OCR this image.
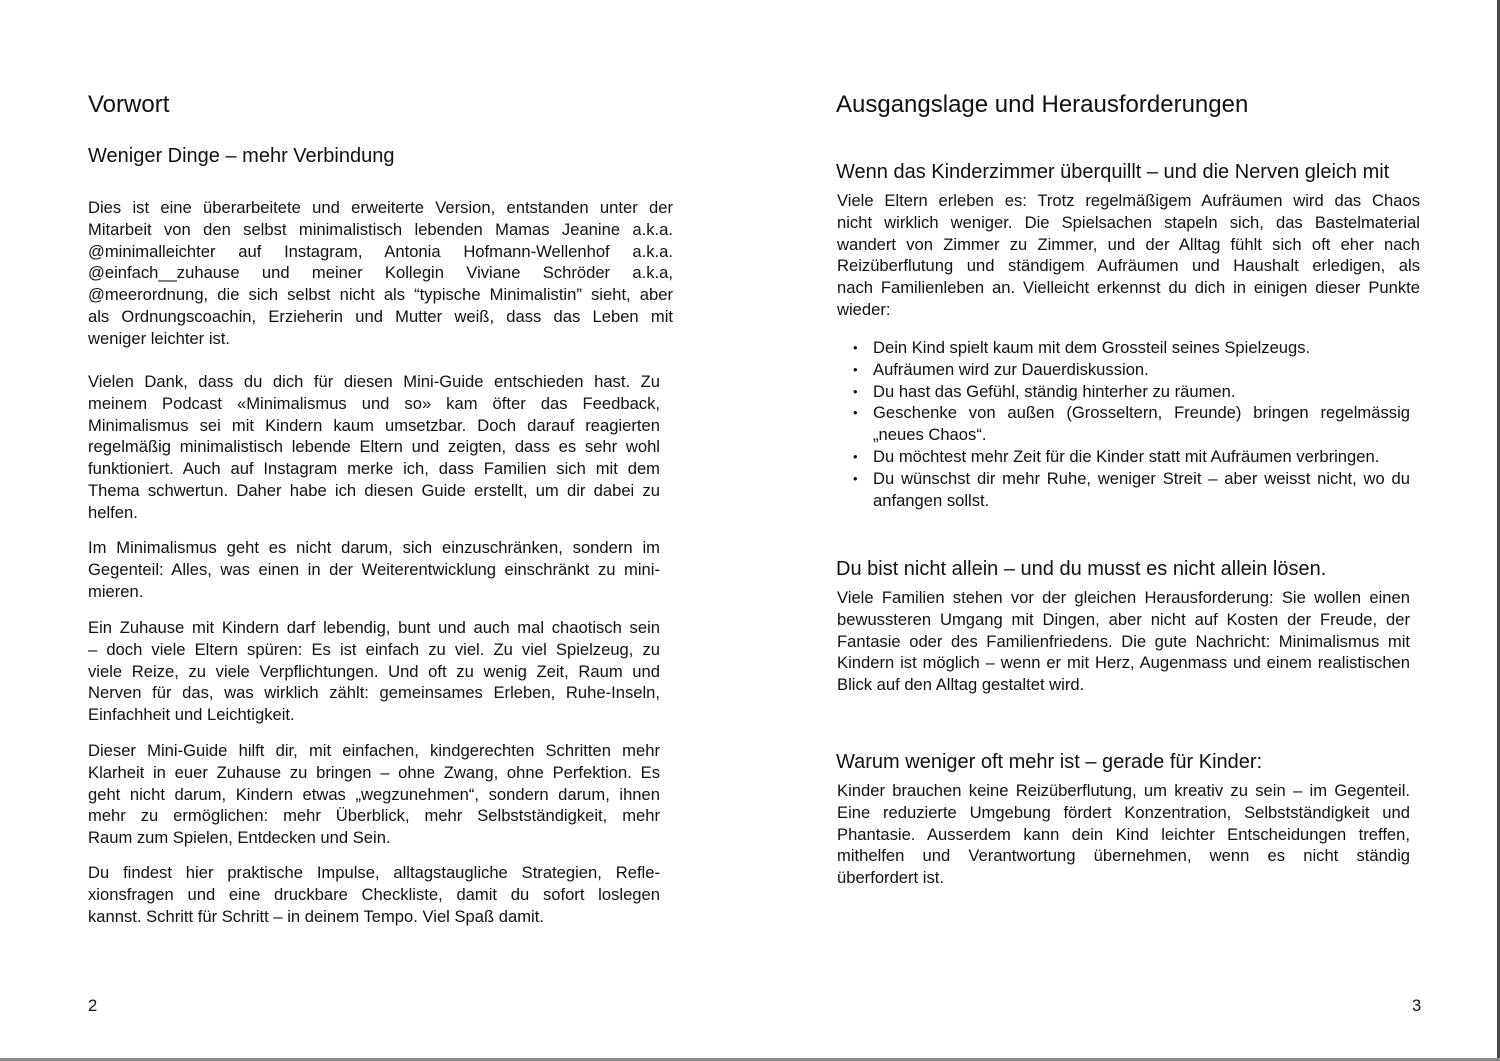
Vorwort
Weniger Dinge – mehr Verbindung
Dies ist eine überarbeitete und erweiterte Version, entstanden unter der
Mitarbeit von den selbst minimalistisch lebenden Mamas Jeanine a.k.a.
@minimalleichter auf Instagram, Antonia Hofmann-Wellenhof a.k.a.
@einfach__zuhause und meiner Kollegin Viviane Schröder a.k.a,
@meerordnung, die sich selbst nicht als “typische Minimalistin” sieht, aber
als Ordnungscoachin, Erzieherin und Mutter weiß, dass das Leben mit
weniger leichter ist.
Vielen Dank, dass du dich für diesen Mini-Guide entschieden hast. Zu
meinem Podcast «Minimalismus und so» kam öfter das Feedback,
Minimalismus sei mit Kindern kaum umsetzbar. Doch darauf reagierten
regelmäßig minimalistisch lebende Eltern und zeigten, dass es sehr wohl
funktioniert. Auch auf Instagram merke ich, dass Familien sich mit dem
Thema schwertun. Daher habe ich diesen Guide erstellt, um dir dabei zu
helfen.
Im Minimalismus geht es nicht darum, sich einzuschränken, sondern im
Gegenteil: Alles, was einen in der Weiterentwicklung einschränkt zu mini-
mieren.
Ein Zuhause mit Kindern darf lebendig, bunt und auch mal chaotisch sein
– doch viele Eltern spüren: Es ist einfach zu viel. Zu viel Spielzeug, zu
viele Reize, zu viele Verpflichtungen. Und oft zu wenig Zeit, Raum und
Nerven für das, was wirklich zählt: gemeinsames Erleben, Ruhe-Inseln,
Einfachheit und Leichtigkeit.
Dieser Mini-Guide hilft dir, mit einfachen, kindgerechten Schritten mehr
Klarheit in euer Zuhause zu bringen – ohne Zwang, ohne Perfektion. Es
geht nicht darum, Kindern etwas „wegzunehmen“, sondern darum, ihnen
mehr zu ermöglichen: mehr Überblick, mehr Selbstständigkeit, mehr
Raum zum Spielen, Entdecken und Sein.
Du findest hier praktische Impulse, alltagstaugliche Strategien, Refle-
xionsfragen und eine druckbare Checkliste, damit du sofort loslegen
kannst. Schritt für Schritt – in deinem Tempo. Viel Spaß damit.
2
Ausgangslage und Herausforderungen
Wenn das Kinderzimmer überquillt – und die Nerven gleich mit
Viele Eltern erleben es: Trotz regelmäßigem Aufräumen wird das Chaos
nicht wirklich weniger. Die Spielsachen stapeln sich, das Bastelmaterial
wandert von Zimmer zu Zimmer, und der Alltag fühlt sich oft eher nach
Reizüberflutung und ständigem Aufräumen und Haushalt erledigen, als
nach Familienleben an. Vielleicht erkennst du dich in einigen dieser Punkte
wieder:
• Dein Kind spielt kaum mit dem Grossteil seines Spielzeugs.
• Aufräumen wird zur Dauerdiskussion.
• Du hast das Gefühl, ständig hinterher zu räumen.
• Geschenke von außen (Grosseltern, Freunde) bringen regelmässig
„neues Chaos“.
• Du möchtest mehr Zeit für die Kinder statt mit Aufräumen verbringen.
• Du wünschst dir mehr Ruhe, weniger Streit – aber weisst nicht, wo du
anfangen sollst.
Du bist nicht allein – und du musst es nicht allein lösen.
Viele Familien stehen vor der gleichen Herausforderung: Sie wollen einen
bewussteren Umgang mit Dingen, aber nicht auf Kosten der Freude, der
Fantasie oder des Familienfriedens. Die gute Nachricht: Minimalismus mit
Kindern ist möglich – wenn er mit Herz, Augenmass und einem realistischen
Blick auf den Alltag gestaltet wird.
Warum weniger oft mehr ist – gerade für Kinder:
Kinder brauchen keine Reizüberflutung, um kreativ zu sein – im Gegenteil.
Eine reduzierte Umgebung fördert Konzentration, Selbstständigkeit und
Phantasie. Ausserdem kann dein Kind leichter Entscheidungen treffen,
mithelfen und Verantwortung übernehmen, wenn es nicht ständig
überfordert ist.
3
